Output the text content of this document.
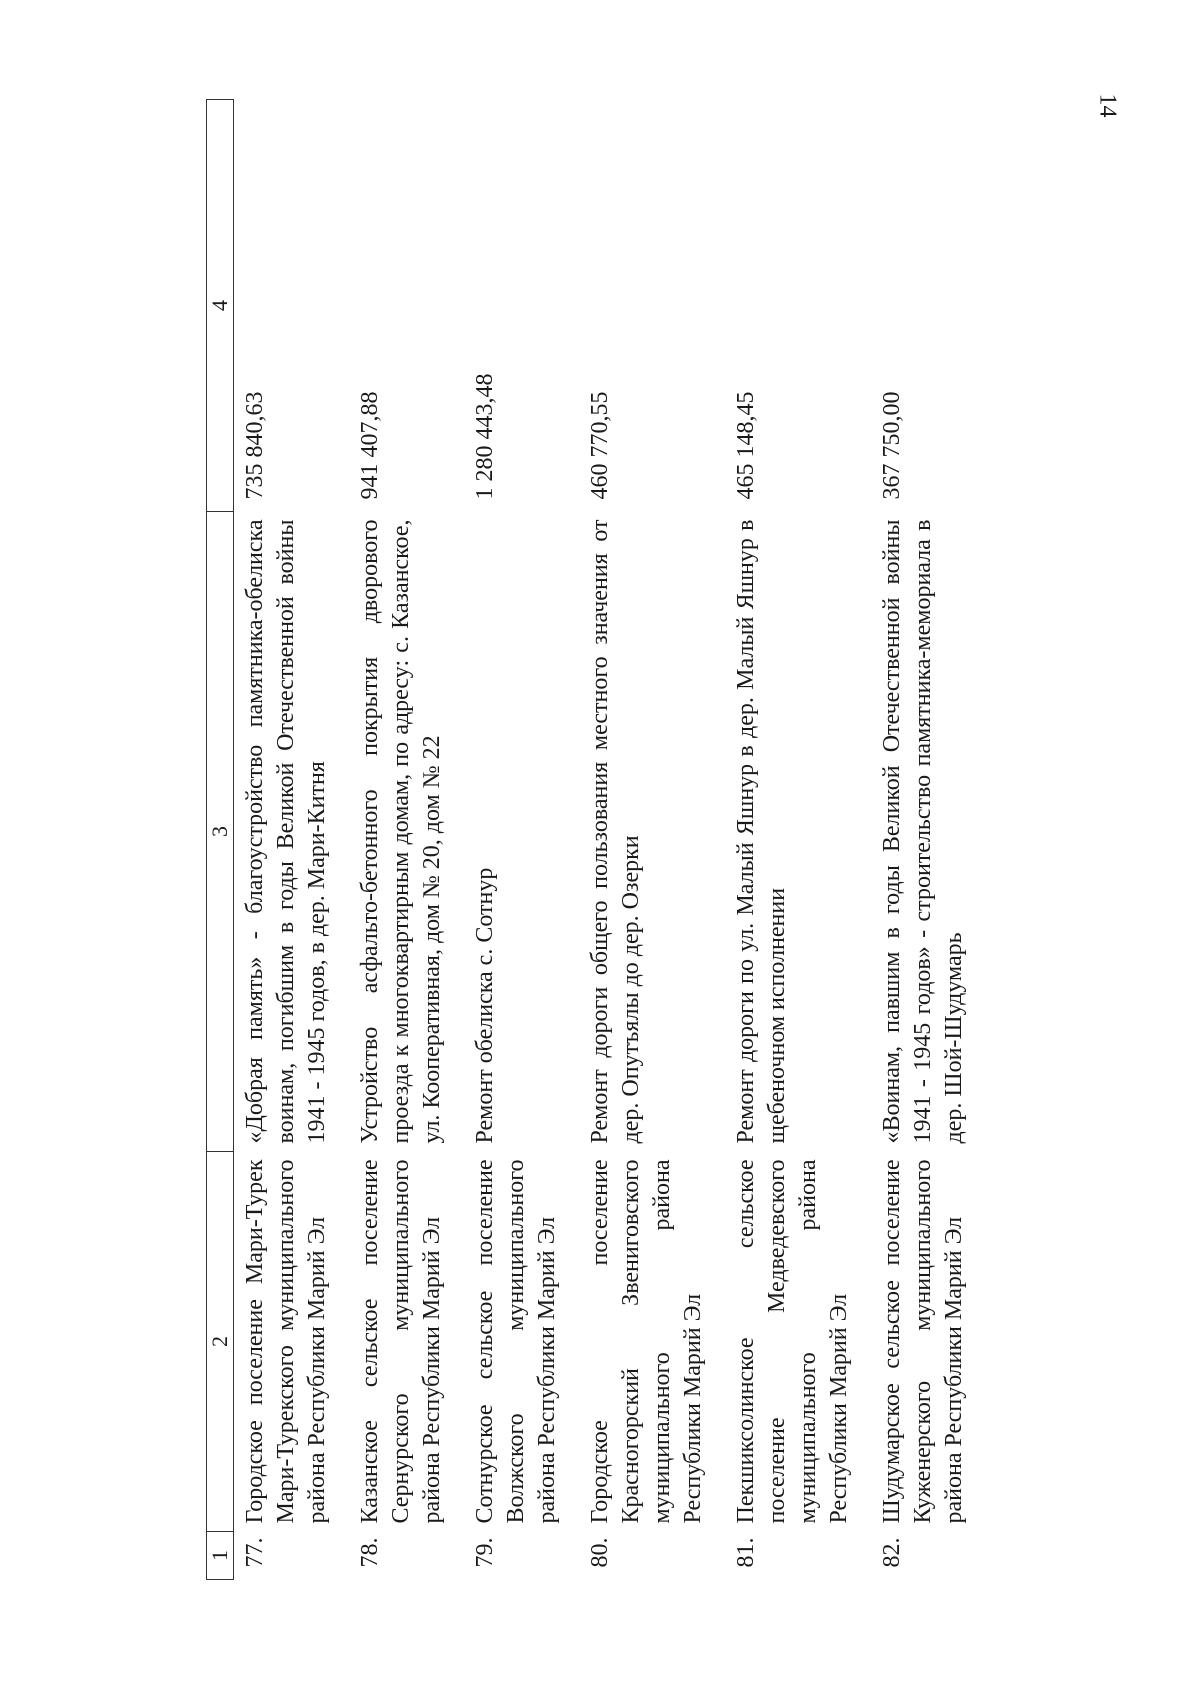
14
1	2	3	4
77.	Городское поселение Мари-Турек Мари-Турекского муниципального района Республики Марий Эл	«Добрая память» - благоустройство памятника-обелиска воинам, погибшим в годы Великой Отечественной войны 1941 - 1945 годов, в дер. Мари-Китня	735 840,63
78.	Казанское сельское поселение Сернурского муниципального района Республики Марий Эл	Устройство асфальто-бетонного покрытия дворового проезда к многоквартирным домам, по адресу: с. Казанское, ул. Кооперативная, дом № 20, дом № 22	941 407,88
79.	Сотнурское сельское поселение Волжского муниципального района Республики Марий Эл	Ремонт обелиска с. Сотнур	1 280 443,48
80.	Городское поселение Красногорский Звениговского муниципального района Республики Марий Эл	Ремонт дороги общего пользования местного значения от дер. Опутъялы до дер. Озерки	460 770,55
81.	Пекшиксолинское сельское поселение Медведевского муниципального района Республики Марий Эл	Ремонт дороги по ул. Малый Яшнур в дер. Малый Яшнур в щебеночном исполнении	465 148,45
82.	Шудумарское сельское поселение Куженерского муниципального района Республики Марий Эл	«Воинам, павшим в годы Великой Отечественной войны 1941 - 1945 годов» - строительство памятника-мемориала в дер. Шой-Шудумарь	367 750,00
